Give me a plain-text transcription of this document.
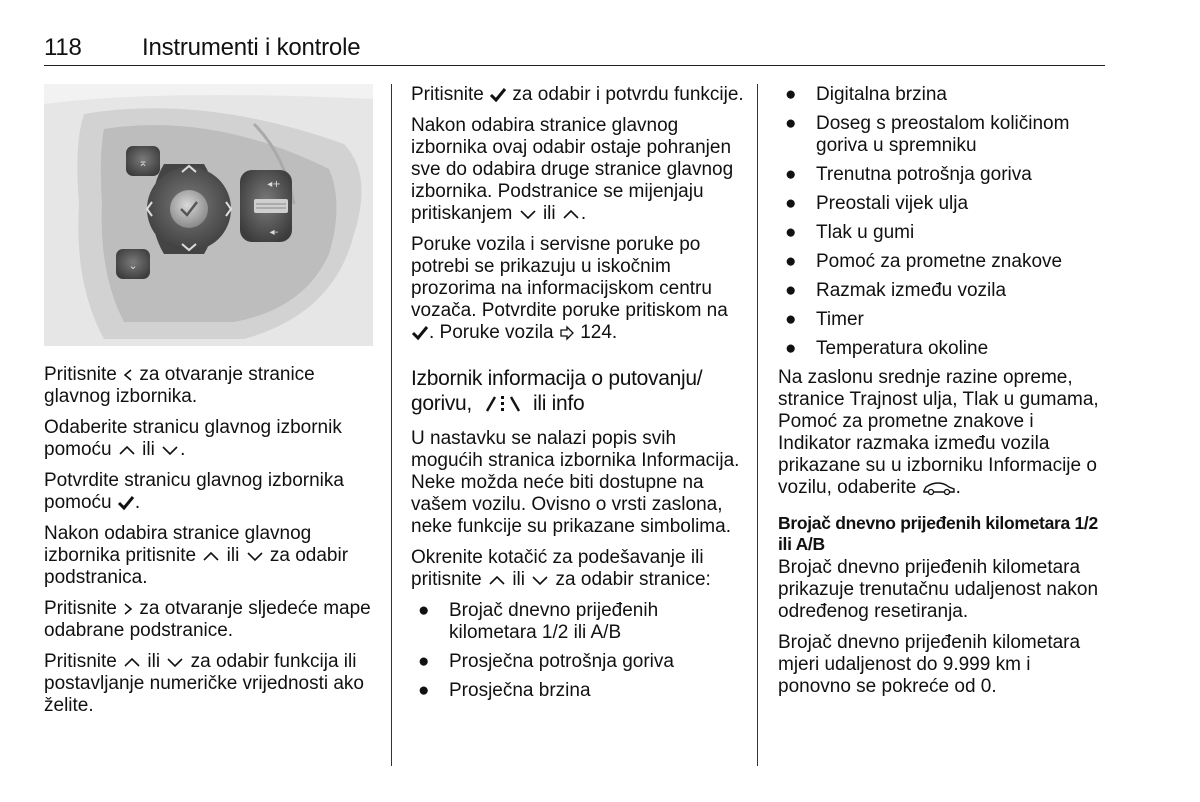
118	Instrumenti i kontrole
⌅
⌄
◂+
◂-

Pritisnite za otvaranje stranice glavnog izbornika.

Odaberite stranicu glavnog izbornik pomoću ili .

Potvrdite stranicu glavnog izbornika pomoću .

Nakon odabira stranice glavnog izbornika pritisnite ili za odabir podstranica.

Pritisnite za otvaranje sljedeće mape odabrane podstranice.

Pritisnite ili za odabir funkcija ili postavljanje numeričke vrijednosti ako želite.

Pritisnite za odabir i potvrdu funkcije.

Nakon odabira stranice glavnog izbornika ovaj odabir ostaje pohranjen sve do odabira druge stranice glavnog izbornika. Podstranice se mijenjaju pritiskanjem ili .

Poruke vozila i servisne poruke po potrebi se prikazuju u iskočnim prozorima na informacijskom centru vozača. Potvrdite poruke pritiskom na . Poruke vozila 124.

Izbornik informacija o putovanju/ gorivu,	ili info

U nastavku se nalazi popis svih mogućih stranica izbornika Informacija. Neke možda neće biti dostupne na vašem vozilu. Ovisno o vrsti zaslona, neke funkcije su prikazane simbolima.

Okrenite kotačić za podešavanje ili pritisnite ili za odabir stranice:

● Brojač dnevno prijeđenih kilometara 1/2 ili A/B
● Prosječna potrošnja goriva
● Prosječna brzina
● Digitalna brzina
● Doseg s preostalom količinom goriva u spremniku
● Trenutna potrošnja goriva
● Preostali vijek ulja
● Tlak u gumi
● Pomoć za prometne znakove
● Razmak između vozila
● Timer
● Temperatura okoline

Na zaslonu srednje razine opreme, stranice Trajnost ulja, Tlak u gumama, Pomoć za prometne znakove i Indikator razmaka između vozila prikazane su u izborniku Informacije o vozilu, odaberite .

Brojač dnevno prijeđenih kilometara 1/2 ili A/B

Brojač dnevno prijeđenih kilometara prikazuje trenutačnu udaljenost nakon određenog resetiranja.

Brojač dnevno prijeđenih kilometara mjeri udaljenost do 9.999 km i ponovno se pokreće od 0.
